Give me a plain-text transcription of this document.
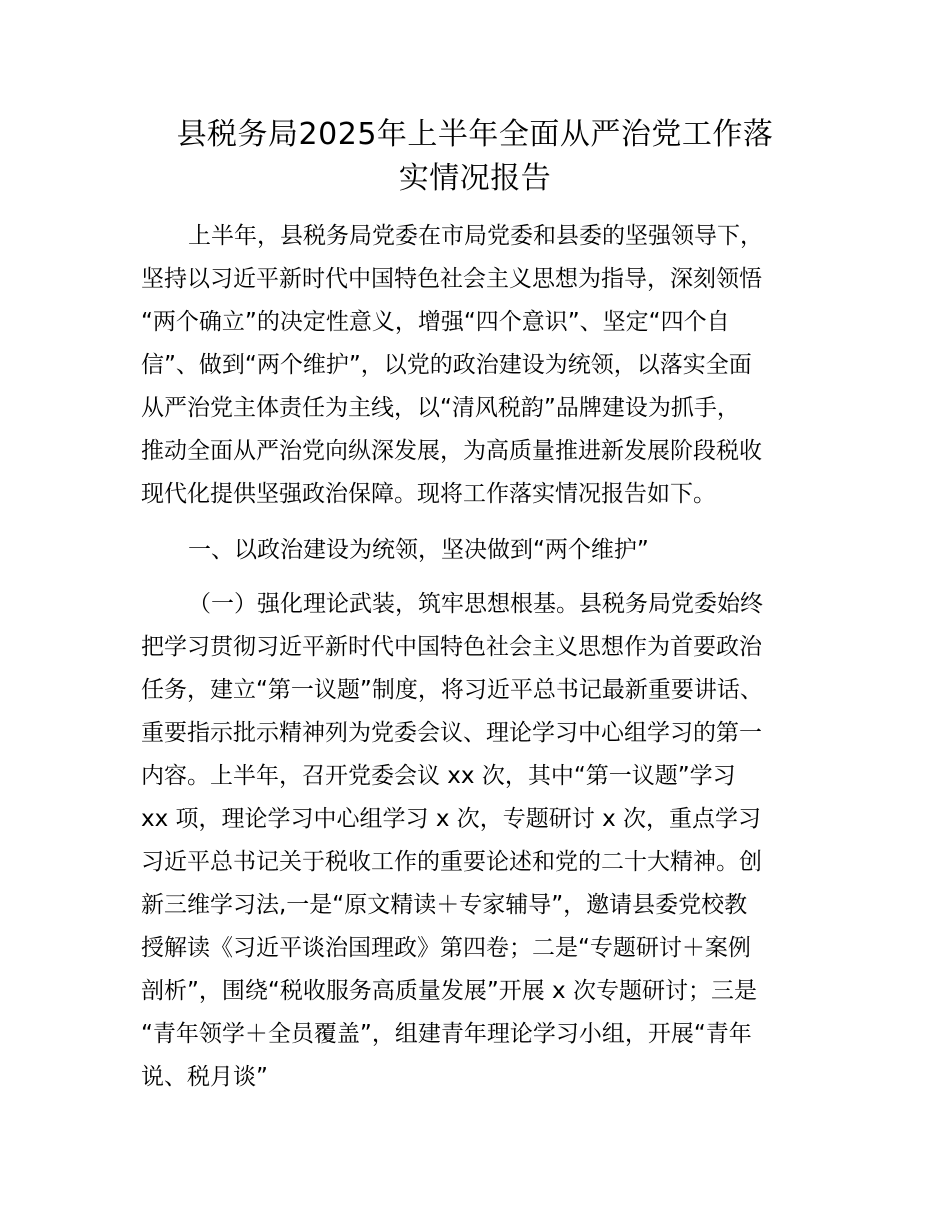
县税务局2025年上半年全面从严治党工作落
实情况报告

上半年，县税务局党委在市局党委和县委的坚强领导下，

坚持以习近平新时代中国特色社会主义思想为指导，深刻领悟

“两个确立”的决定性意义，增强“四个意识”、坚定“四个自

信”、做到“两个维护”，以党的政治建设为统领，以落实全面

从严治党主体责任为主线，以“清风税韵”品牌建设为抓手，

推动全面从严治党向纵深发展，为高质量推进新发展阶段税收

现代化提供坚强政治保障。现将工作落实情况报告如下。

一、以政治建设为统领，坚决做到“两个维护”

（一）强化理论武装，筑牢思想根基。县税务局党委始终

把学习贯彻习近平新时代中国特色社会主义思想作为首要政治

任务，建立“第一议题”制度，将习近平总书记最新重要讲话、

重要指示批示精神列为党委会议、理论学习中心组学习的第一

内容。上半年，召开党委会议 xx 次，其中“第一议题”学习

xx 项，理论学习中心组学习 x 次，专题研讨 x 次，重点学习

习近平总书记关于税收工作的重要论述和党的二十大精神。创

新三维学习法,一是“原文精读＋专家辅导”，邀请县委党校教

授解读《习近平谈治国理政》第四卷；二是“专题研讨＋案例

剖析”，围绕“税收服务高质量发展”开展 x 次专题研讨；三是

“青年领学＋全员覆盖”，组建青年理论学习小组，开展“青年

说、税月谈”
